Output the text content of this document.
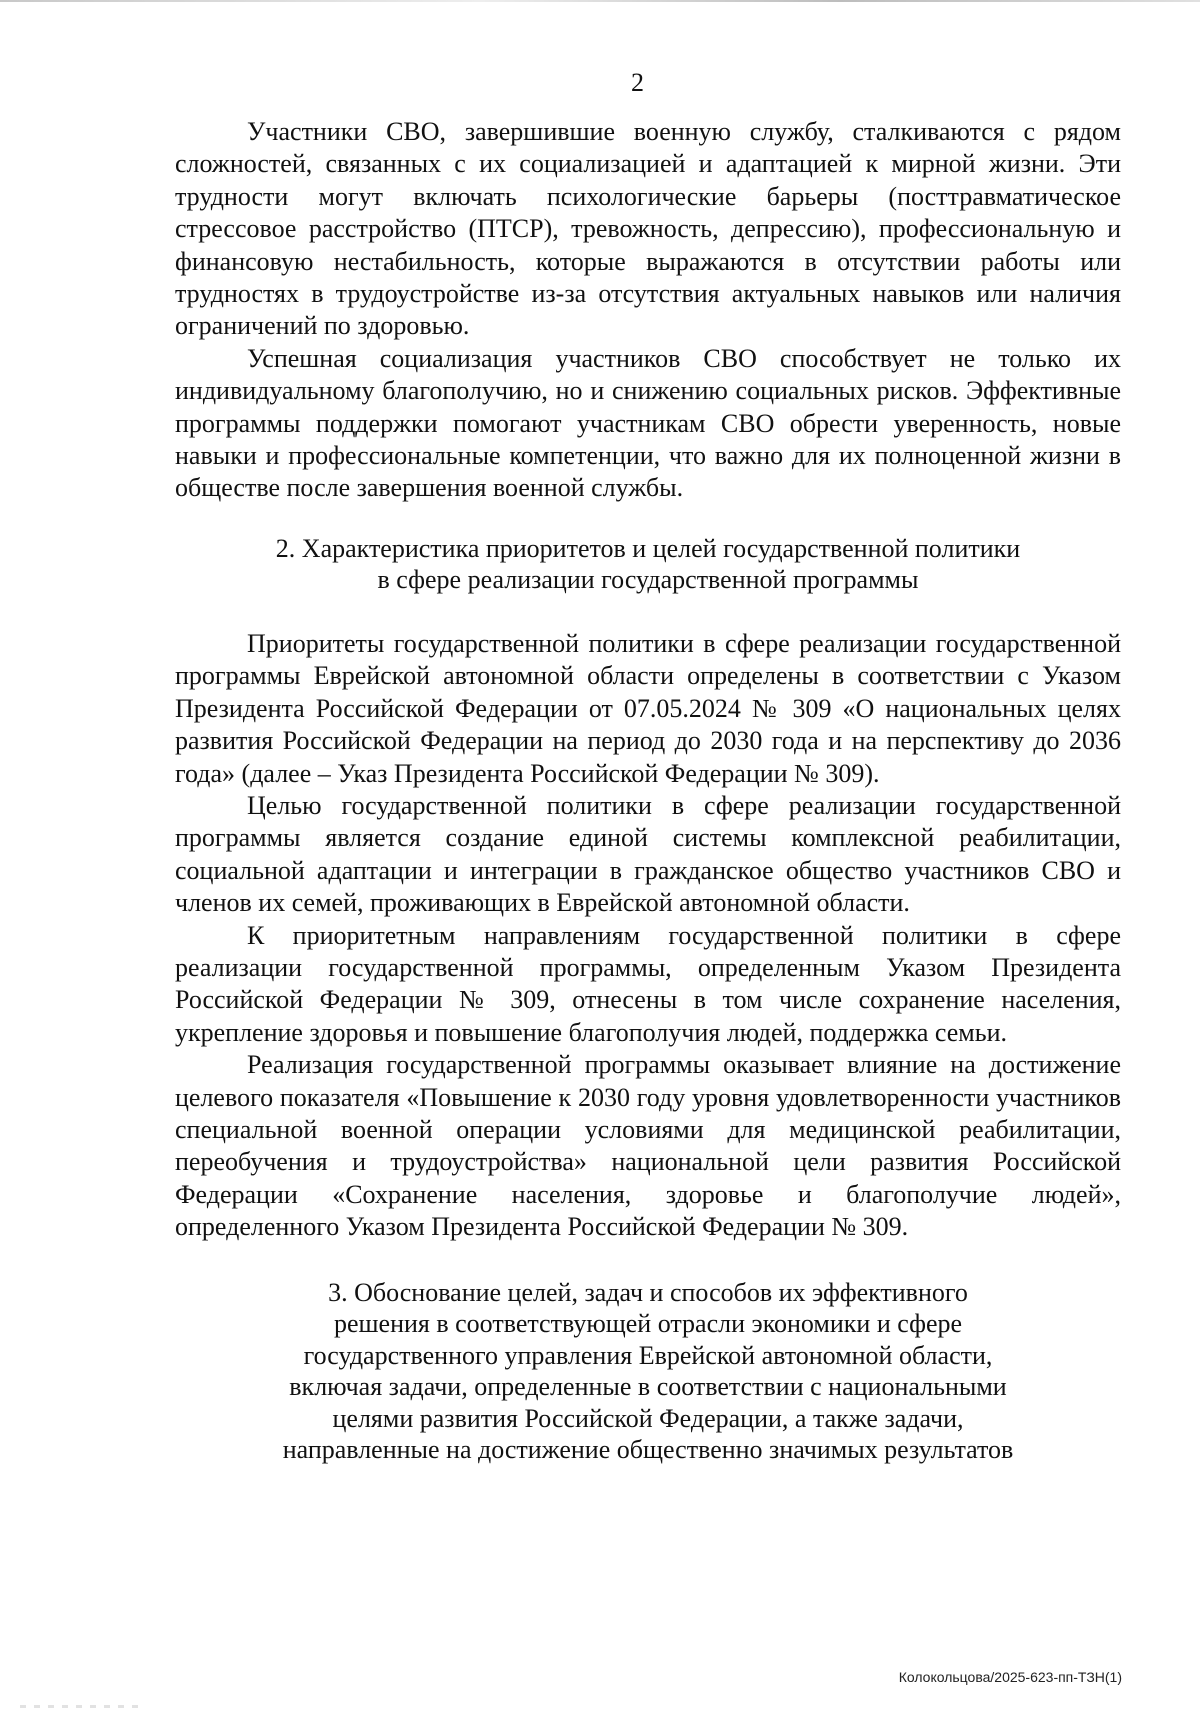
2

Участники СВО, завершившие военную службу, сталкиваются с рядом сложностей, связанных с их социализацией и адаптацией к мирной жизни. Эти трудности могут включать психологические барьеры (посттравматическое стрессовое расстройство (ПТСР), тревожность, депрессию), профессиональную и финансовую нестабильность, которые выражаются в отсутствии работы или трудностях в трудоустройстве из-за отсутствия актуальных навыков или наличия ограничений по здоровью.

Успешная социализация участников СВО способствует не только их индивидуальному благополучию, но и снижению социальных рисков. Эффективные программы поддержки помогают участникам СВО обрести уверенность, новые навыки и профессиональные компетенции, что важно для их полноценной жизни в обществе после завершения военной службы.

2. Характеристика приоритетов и целей государственной политики
в сфере реализации государственной программы

Приоритеты государственной политики в сфере реализации государственной программы Еврейской автономной области определены в соответствии с Указом Президента Российской Федерации от 07.05.2024 № 309 «О национальных целях развития Российской Федерации на период до 2030 года и на перспективу до 2036 года» (далее – Указ Президента Российской Федерации № 309).

Целью государственной политики в сфере реализации государственной программы является создание единой системы комплексной реабилитации, социальной адаптации и интеграции в гражданское общество участников СВО и членов их семей, проживающих в Еврейской автономной области.

К приоритетным направлениям государственной политики в сфере реализации государственной программы, определенным Указом Президента Российской Федерации № 309, отнесены в том числе сохранение населения, укрепление здоровья и повышение благополучия людей, поддержка семьи.

Реализация государственной программы оказывает влияние на достижение целевого показателя «Повышение к 2030 году уровня удовлетворенности участников специальной военной операции условиями для медицинской реабилитации, переобучения и трудоустройства» национальной цели развития Российской Федерации «Сохранение населения, здоровье и благополучие людей», определенного Указом Президента Российской Федерации № 309.

3. Обоснование целей, задач и способов их эффективного
решения в соответствующей отрасли экономики и сфере
государственного управления Еврейской автономной области,
включая задачи, определенные в соответствии с национальными
целями развития Российской Федерации, а также задачи,
направленные на достижение общественно значимых результатов
Колокольцова/2025-623-пп-ТЗН(1)
